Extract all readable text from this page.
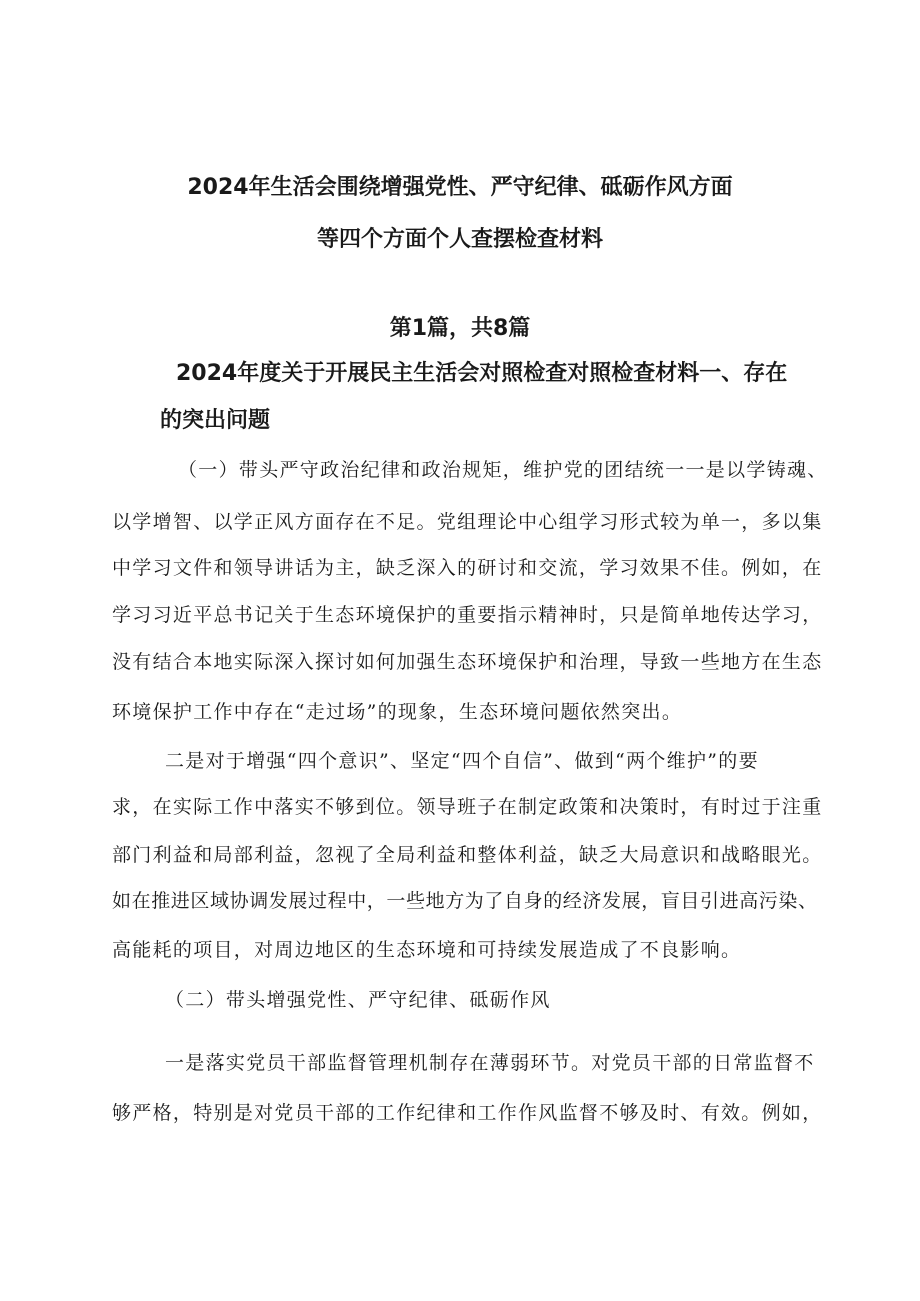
2024年生活会围绕增强党性、严守纪律、砥砺作风方面

等四个方面个人查摆检查材料

第1篇，共8篇

2024年度关于开展民主生活会对照检查对照检查材料一、存在

的突出问题

（一）带头严守政治纪律和政治规矩，维护党的团结统一一是以学铸魂、

以学增智、以学正风方面存在不足。党组理论中心组学习形式较为单一，多以集

中学习文件和领导讲话为主，缺乏深入的研讨和交流，学习效果不佳。例如，在

学习习近平总书记关于生态环境保护的重要指示精神时，只是简单地传达学习，

没有结合本地实际深入探讨如何加强生态环境保护和治理，导致一些地方在生态

环境保护工作中存在“走过场”的现象，生态环境问题依然突出。

二是对于增强“四个意识”、坚定“四个自信”、做到“两个维护”的要

求，在实际工作中落实不够到位。领导班子在制定政策和决策时，有时过于注重

部门利益和局部利益，忽视了全局利益和整体利益，缺乏大局意识和战略眼光。

如在推进区域协调发展过程中，一些地方为了自身的经济发展，盲目引进高污染、

高能耗的项目，对周边地区的生态环境和可持续发展造成了不良影响。

（二）带头增强党性、严守纪律、砥砺作风

一是落实党员干部监督管理机制存在薄弱环节。对党员干部的日常监督不

够严格，特别是对党员干部的工作纪律和工作作风监督不够及时、有效。例如，
